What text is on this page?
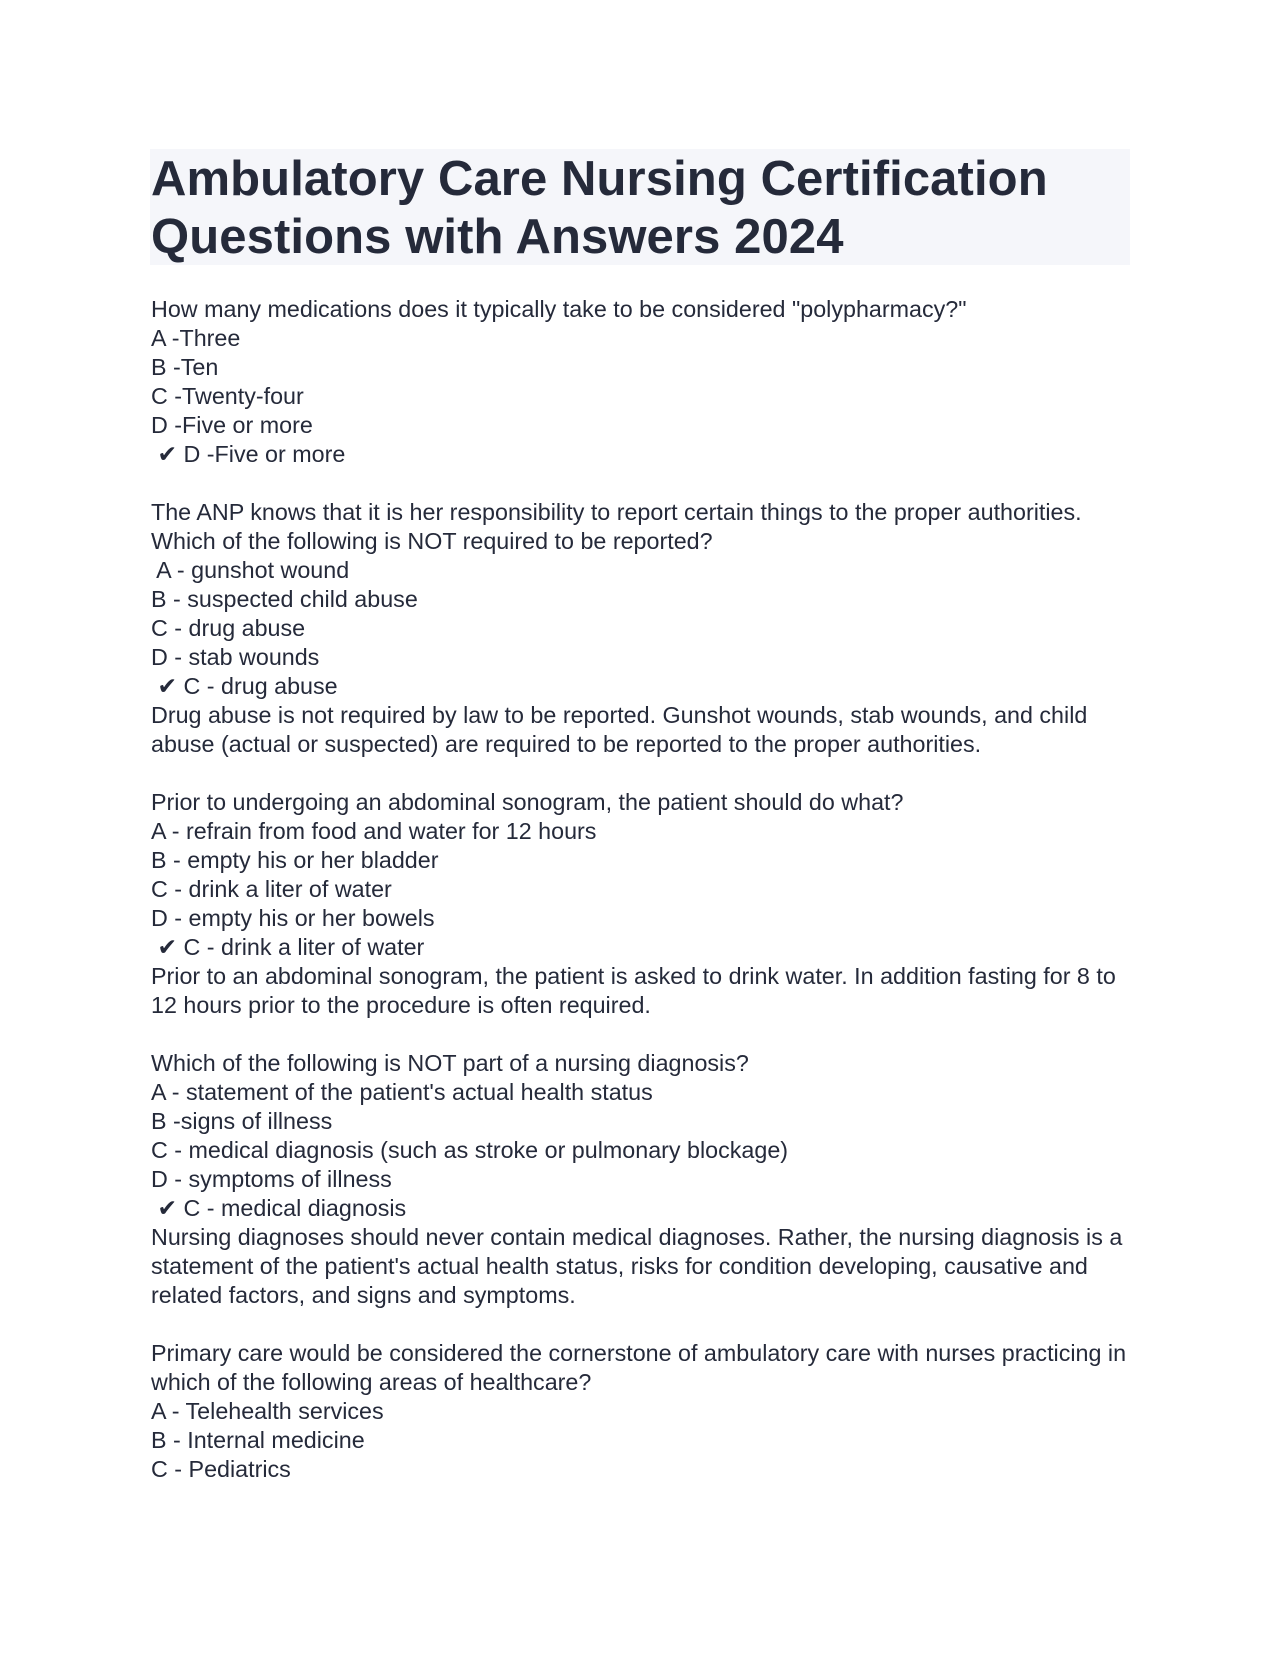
Ambulatory Care Nursing Certification Questions with Answers 2024
How many medications does it typically take to be considered "polypharmacy?"
A -Three
B -Ten
C -Twenty-four
D -Five or more
✔ D -Five or more
The ANP knows that it is her responsibility to report certain things to the proper authorities. Which of the following is NOT required to be reported?
A - gunshot wound
B - suspected child abuse
C - drug abuse
D - stab wounds
✔ C - drug abuse
Drug abuse is not required by law to be reported. Gunshot wounds, stab wounds, and child abuse (actual or suspected) are required to be reported to the proper authorities.
Prior to undergoing an abdominal sonogram, the patient should do what?
A - refrain from food and water for 12 hours
B - empty his or her bladder
C - drink a liter of water
D - empty his or her bowels
✔ C - drink a liter of water
Prior to an abdominal sonogram, the patient is asked to drink water. In addition fasting for 8 to 12 hours prior to the procedure is often required.
Which of the following is NOT part of a nursing diagnosis?
A - statement of the patient's actual health status
B -signs of illness
C - medical diagnosis (such as stroke or pulmonary blockage)
D - symptoms of illness
✔ C - medical diagnosis
Nursing diagnoses should never contain medical diagnoses. Rather, the nursing diagnosis is a statement of the patient's actual health status, risks for condition developing, causative and related factors, and signs and symptoms.
Primary care would be considered the cornerstone of ambulatory care with nurses practicing in which of the following areas of healthcare?
A - Telehealth services
B - Internal medicine
C - Pediatrics
